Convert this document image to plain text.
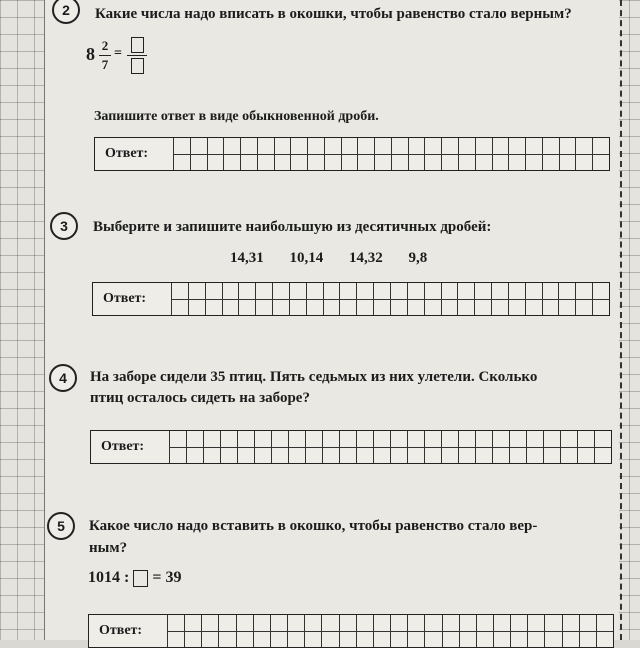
2	Какие числа надо вписать в окошки, чтобы равенство стало верным?
8 2
7
=
Запишите ответ в виде обыкновенной дроби.
Ответ:
3	Выберите и запишите наибольшую из десятичных дробей:
14,31 10,14 14,32 9,8
Ответ:
4	На заборе сидели 35 птиц. Пять седьмых из них улетели. Сколько
птиц осталось сидеть на заборе?
Ответ:
5	Какое число надо вставить в окошко, чтобы равенство стало вер-
ным?
1014 : = 39
Ответ:
